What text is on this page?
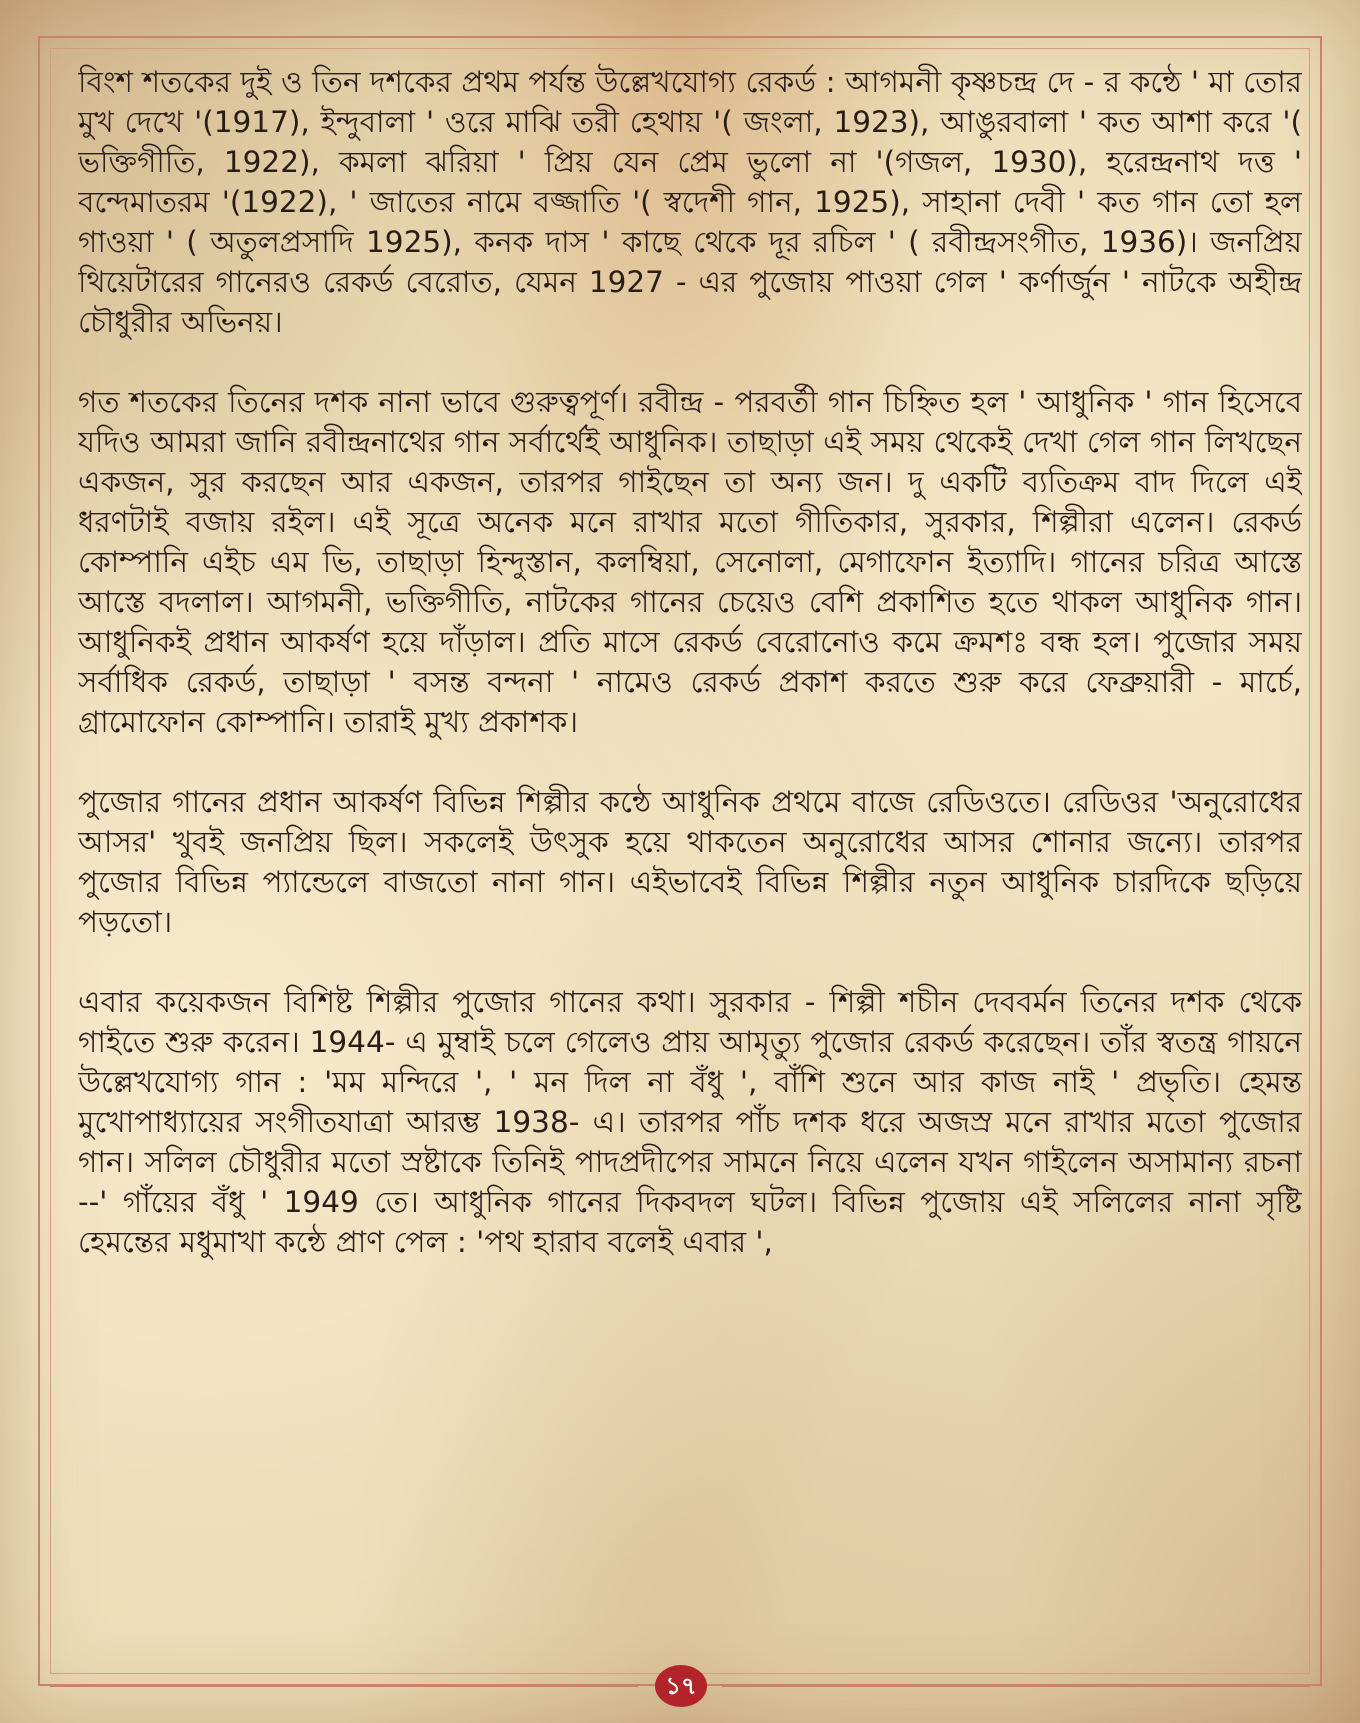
বিংশ শতকের দুই ও তিন দশকের প্রথম পর্যন্ত উল্লেখযোগ্য রেকর্ড : আগমনী কৃষ্ণচন্দ্র দে - র কন্ঠে ' মা তোর মুখ দেখে '(1917), ইন্দুবালা ' ওরে মাঝি তরী হেথায় '( জংলা, 1923), আঙুরবালা ' কত আশা করে '( ভক্তিগীতি, 1922), কমলা ঝরিয়া ' প্রিয় যেন প্রেম ভুলো না '(গজল, 1930), হরেন্দ্রনাথ দত্ত ' বন্দেমাতরম '(1922), ' জাতের নামে বজ্জাতি '( স্বদেশী গান, 1925), সাহানা দেবী ' কত গান তো হল গাওয়া ' ( অতুলপ্রসাদি 1925), কনক দাস ' কাছে থেকে দূর রচিল ' ( রবীন্দ্রসংগীত, 1936)। জনপ্রিয় থিয়েটারের গানেরও রেকর্ড বেরোত, যেমন 1927 - এর পুজোয় পাওয়া গেল ' কর্ণার্জুন ' নাটকে অহীন্দ্র চৌধুরীর অভিনয়।

গত শতকের তিনের দশক নানা ভাবে গুরুত্বপূর্ণ। রবীন্দ্র - পরবর্তী গান চিহ্নিত হল ' আধুনিক ' গান হিসেবে যদিও আমরা জানি রবীন্দ্রনাথের গান সর্বার্থেই আধুনিক। তাছাড়া এই সময় থেকেই দেখা গেল গান লিখছেন একজন, সুর করছেন আর একজন, তারপর গাইছেন তা অন্য জন। দু একটি ব্যতিক্রম বাদ দিলে এই ধরণটাই বজায় রইল। এই সূত্রে অনেক মনে রাখার মতো গীতিকার, সুরকার, শিল্পীরা এলেন। রেকর্ড কোম্পানি এইচ এম ভি, তাছাড়া হিন্দুস্তান, কলম্বিয়া, সেনোলা, মেগাফোন ইত্যাদি। গানের চরিত্র আস্তে আস্তে বদলাল। আগমনী, ভক্তিগীতি, নাটকের গানের চেয়েও বেশি প্রকাশিত হতে থাকল আধুনিক গান। আধুনিকই প্রধান আকর্ষণ হয়ে দাঁড়াল। প্রতি মাসে রেকর্ড বেরোনোও কমে ক্রমশঃ বন্ধ হল। পুজোর সময় সর্বাধিক রেকর্ড, তাছাড়া ' বসন্ত বন্দনা ' নামেও রেকর্ড প্রকাশ করতে শুরু করে ফেব্রুয়ারী - মার্চে, গ্রামোফোন কোম্পানি। তারাই মুখ্য প্রকাশক।

পুজোর গানের প্রধান আকর্ষণ বিভিন্ন শিল্পীর কন্ঠে আধুনিক প্রথমে বাজে রেডিওতে। রেডিওর 'অনুরোধের আসর' খুবই জনপ্রিয় ছিল। সকলেই উৎসুক হয়ে থাকতেন অনুরোধের আসর শোনার জন্যে। তারপর পুজোর বিভিন্ন প্যান্ডেলে বাজতো নানা গান। এইভাবেই বিভিন্ন শিল্পীর নতুন আধুনিক চারদিকে ছড়িয়ে পড়তো।

এবার কয়েকজন বিশিষ্ট শিল্পীর পুজোর গানের কথা। সুরকার - শিল্পী শচীন দেববর্মন তিনের দশক থেকে গাইতে শুরু করেন। 1944- এ মুম্বাই চলে গেলেও প্রায় আমৃত্যু পুজোর রেকর্ড করেছেন। তাঁর স্বতন্ত্র গায়নে উল্লেখযোগ্য গান : 'মম মন্দিরে ', ' মন দিল না বঁধু ', বাঁশি শুনে আর কাজ নাই ' প্রভৃতি। হেমন্ত মুখোপাধ্যায়ের সংগীতযাত্রা আরম্ভ 1938- এ। তারপর পাঁচ দশক ধরে অজস্র মনে রাখার মতো পুজোর গান। সলিল চৌধুরীর মতো স্রষ্টাকে তিনিই পাদপ্রদীপের সামনে নিয়ে এলেন যখন গাইলেন অসামান্য রচনা --' গাঁয়ের বঁধু ' 1949 তে। আধুনিক গানের দিকবদল ঘটল। বিভিন্ন পুজোয় এই সলিলের নানা সৃষ্টি হেমন্তের মধুমাখা কন্ঠে প্রাণ পেল : 'পথ হারাব বলেই এবার ',

১৭
